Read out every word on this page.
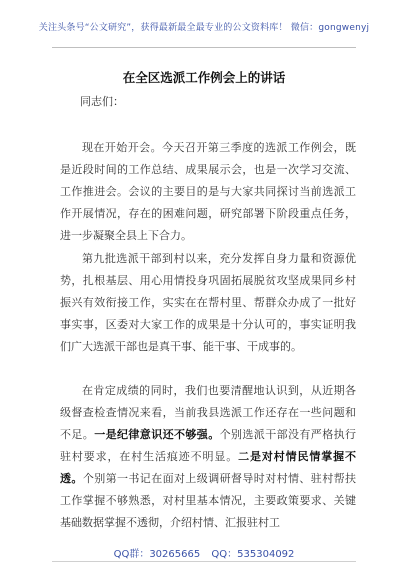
关注头条号“公文研究”，获得最新最全最专业的公文资料库！ 微信：gongwenyj
在全区选派工作例会上的讲话
同志们：

现在开始开会。今天召开第三季度的选派工作例会，既是近段时间的工作总结、成果展示会，也是一次学习交流、工作推进会。会议的主要目的是与大家共同探讨当前选派工作开展情况，存在的困难问题，研究部署下阶段重点任务，进一步凝聚全县上下合力。

第九批选派干部到村以来，充分发挥自身力量和资源优势，扎根基层、用心用情投身巩固拓展脱贫攻坚成果同乡村振兴有效衔接工作，实实在在帮村里、帮群众办成了一批好事实事，区委对大家工作的成果是十分认可的，事实证明我们广大选派干部也是真干事、能干事、干成事的。

在肯定成绩的同时，我们也要清醒地认识到，从近期各级督查检查情况来看，当前我县选派工作还存在一些问题和不足。一是纪律意识还不够强。个别选派干部没有严格执行驻村要求，在村生活痕迹不明显。二是对村情民情掌握不透。个别第一书记在面对上级调研督导时对村情、驻村帮扶工作掌握不够熟悉，对村里基本情况，主要政策要求、关键基础数据掌握不透彻，介绍村情、汇报驻村工

QQ群：30265665 QQ：535304092
